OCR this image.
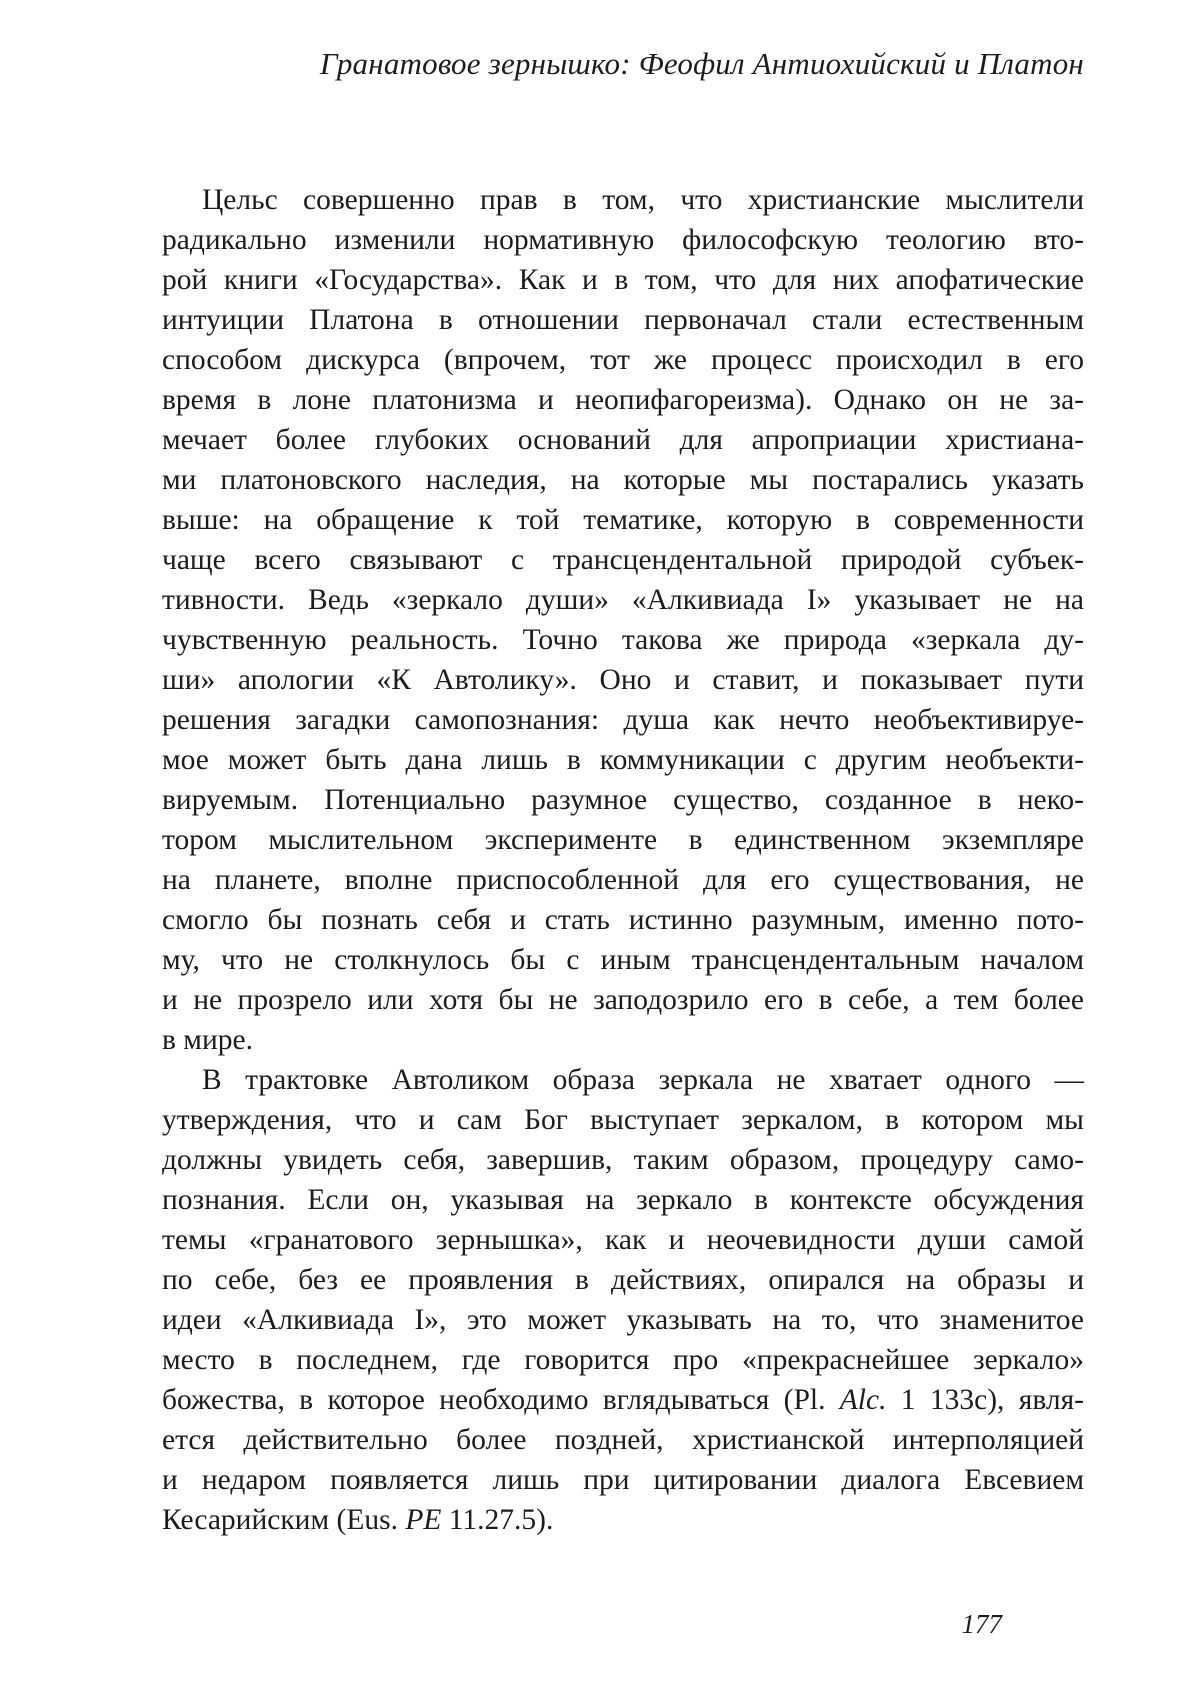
Гранатовое зернышко: Феофил Антиохийский и Платон
Цельс совершенно прав в том, что христианские мыслители
радикально изменили нормативную философскую теологию вто-
рой книги «Государства». Как и в том, что для них апофатические
интуиции Платона в отношении первоначал стали естественным
способом дискурса (впрочем, тот же процесс происходил в его
время в лоне платонизма и неопифагореизма). Однако он не за-
мечает более глубоких оснований для апроприации христиана-
ми платоновского наследия, на которые мы постарались указать
выше: на обращение к той тематике, которую в современности
чаще всего связывают с трансцендентальной природой субъек-
тивности. Ведь «зеркало души» «Алкивиада I» указывает не на
чувственную реальность. Точно такова же природа «зеркала ду-
ши» апологии «К Автолику». Оно и ставит, и показывает пути
решения загадки самопознания: душа как нечто необъективируе-
мое может быть дана лишь в коммуникации с другим необъекти-
вируемым. Потенциально разумное существо, созданное в неко-
тором мыслительном эксперименте в единственном экземпляре
на планете, вполне приспособленной для его существования, не
смогло бы познать себя и стать истинно разумным, именно пото-
му, что не столкнулось бы с иным трансцендентальным началом
и не прозрело или хотя бы не заподозрило его в себе, а тем более
в мире.
В трактовке Автоликом образа зеркала не хватает одного —
утверждения, что и сам Бог выступает зеркалом, в котором мы
должны увидеть себя, завершив, таким образом, процедуру само-
познания. Если он, указывая на зеркало в контексте обсуждения
темы «гранатового зернышка», как и неочевидности души самой
по себе, без ее проявления в действиях, опирался на образы и
идеи «Алкивиада I», это может указывать на то, что знаменитое
место в последнем, где говорится про «прекраснейшее зеркало»
божества, в которое необходимо вглядываться (Pl. Alc. 1 133c), явля-
ется действительно более поздней, христианской интерполяцией
и недаром появляется лишь при цитировании диалога Евсевием
Кесарийским (Eus. PE 11.27.5).
177
